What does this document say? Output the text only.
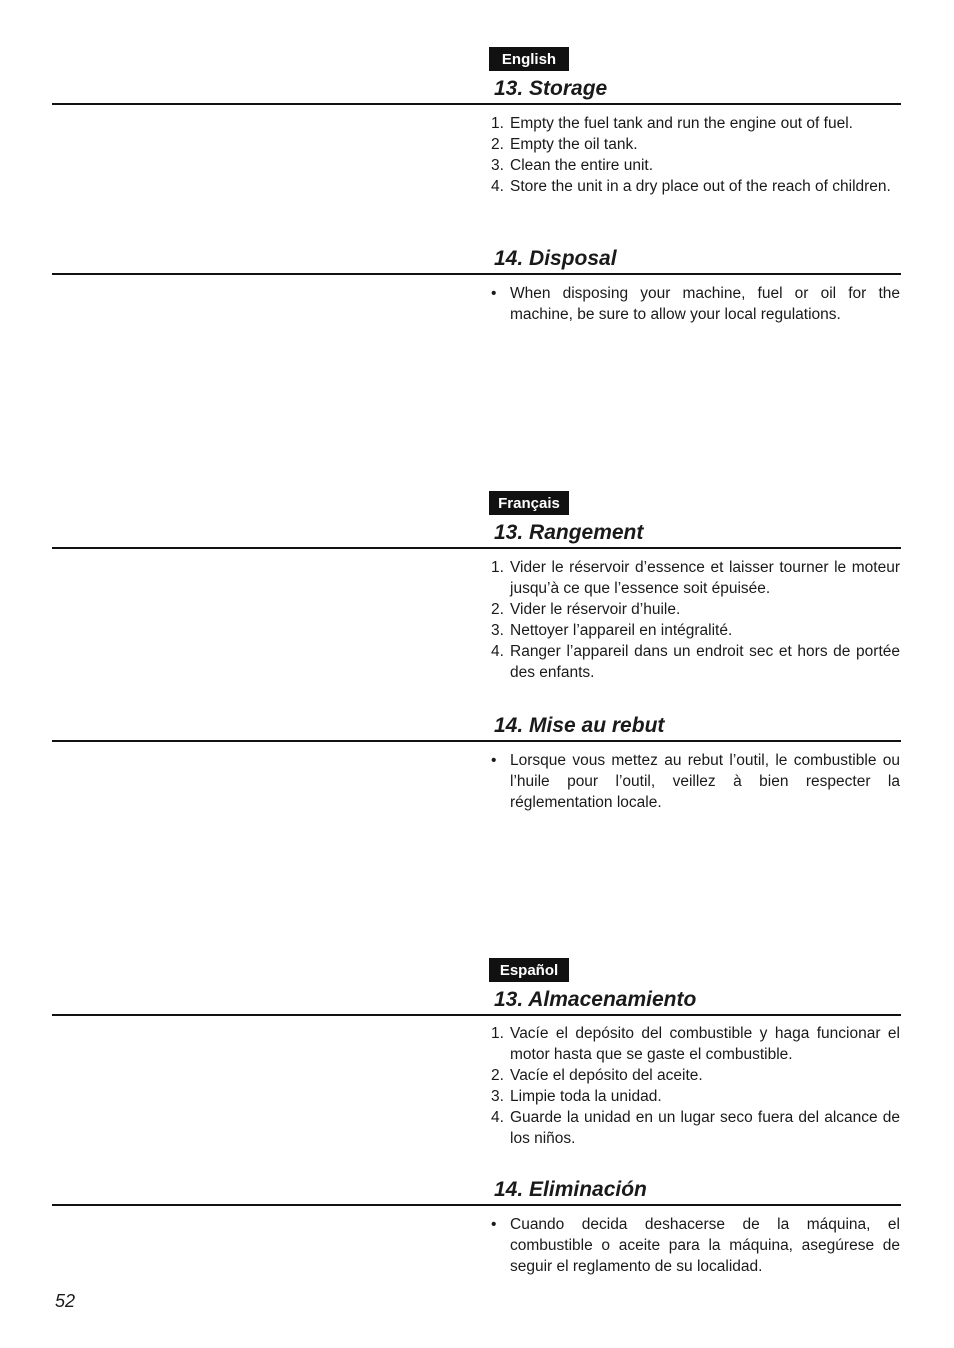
English
13. Storage
1. Empty the fuel tank and run the engine out of fuel.
2. Empty the oil tank.
3. Clean the entire unit.
4. Store the unit in a dry place out of the reach of children.
14. Disposal
• When disposing your machine, fuel or oil for the machine, be sure to allow your local regulations.
Français
13. Rangement
1. Vider le réservoir d’essence et laisser tourner le moteur jusqu’à ce que l’essence soit épuisée.
2. Vider le réservoir d’huile.
3. Nettoyer l’appareil en intégralité.
4. Ranger l’appareil dans un endroit sec et hors de portée des enfants.
14. Mise au rebut
• Lorsque vous mettez au rebut l’outil, le combustible ou l’huile pour l’outil, veillez à bien respecter la réglementation locale.
Español
13. Almacenamiento
1. Vacíe el depósito del combustible y haga funcionar el motor hasta que se gaste el combustible.
2. Vacíe el depósito del aceite.
3. Limpie toda la unidad.
4. Guarde la unidad en un lugar seco fuera del alcance de los niños.
14. Eliminación
• Cuando decida deshacerse de la máquina, el combustible o aceite para la máquina, asegúrese de seguir el reglamento de su localidad.
52
